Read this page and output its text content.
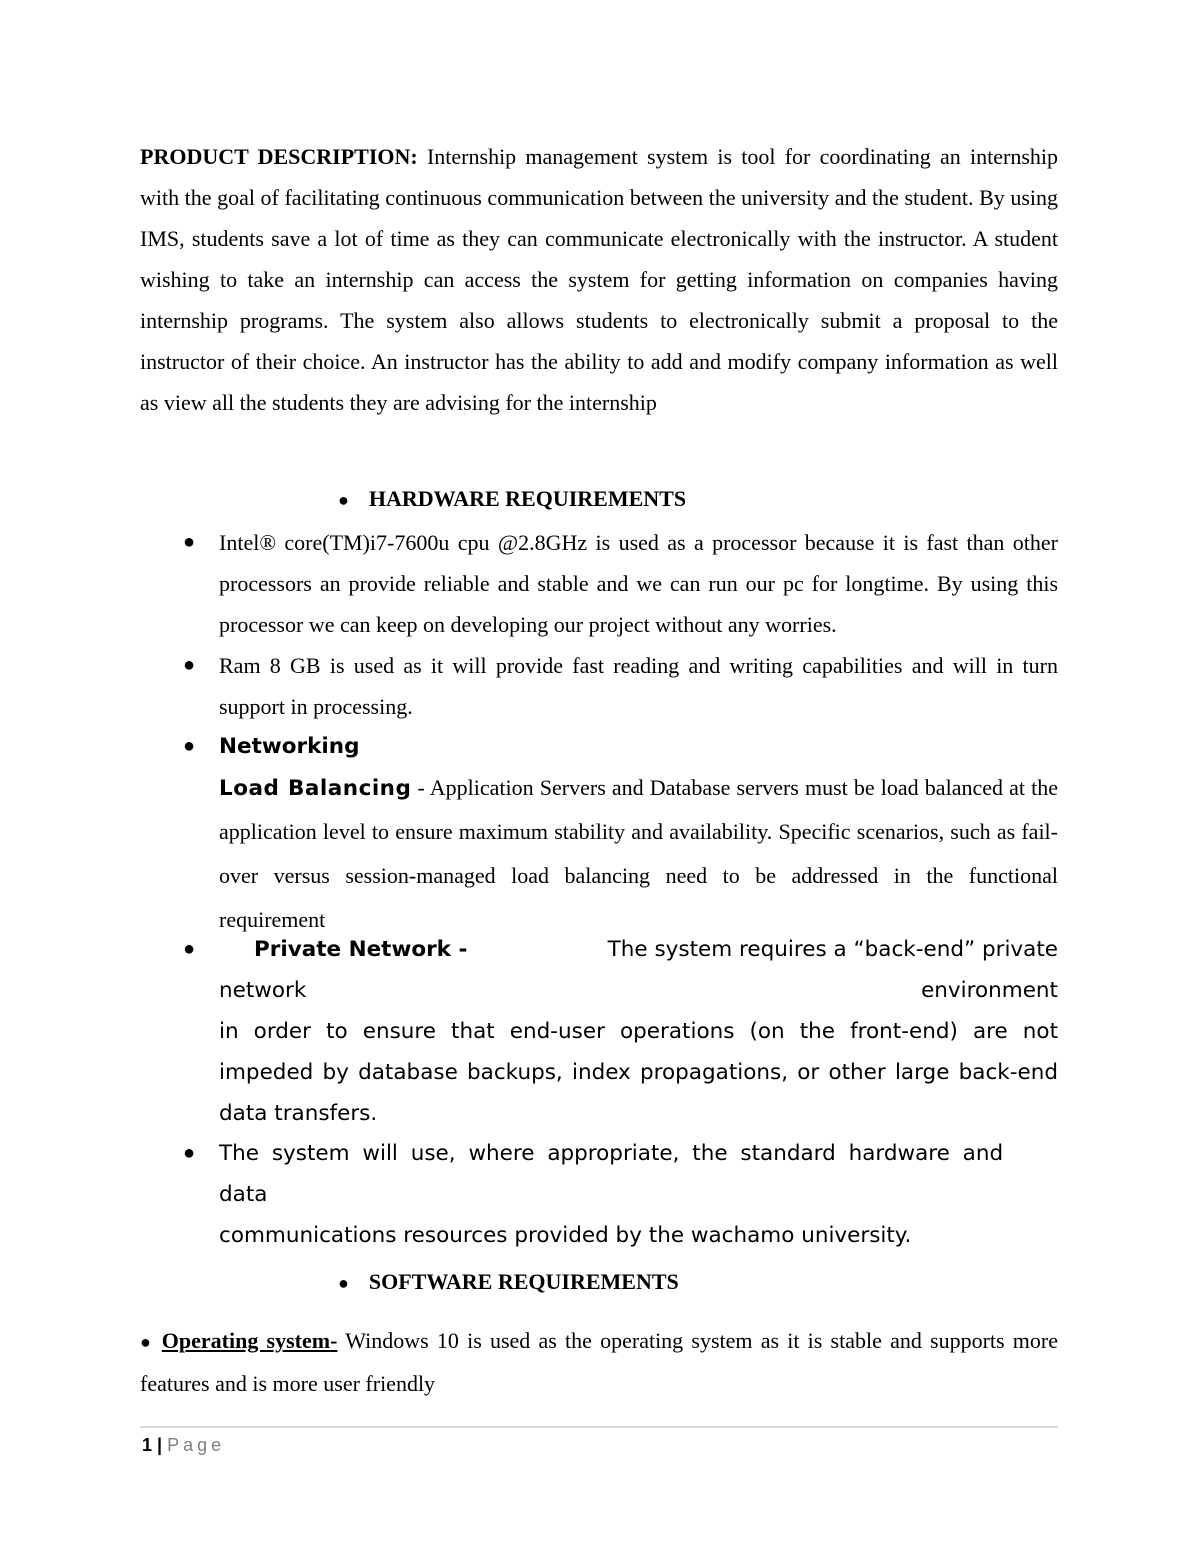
PRODUCT DESCRIPTION: Internship management system is tool for coordinating an internship with the goal of facilitating continuous communication between the university and the student. By using IMS, students save a lot of time as they can communicate electronically with the instructor. A student wishing to take an internship can access the system for getting information on companies having internship programs. The system also allows students to electronically submit a proposal to the instructor of their choice. An instructor has the ability to add and modify company information as well as view all the students they are advising for the internship
● HARDWARE REQUIREMENTS
● Intel® core(TM)i7-7600u cpu @2.8GHz is used as a processor because it is fast than other processors an provide reliable and stable and we can run our pc for longtime. By using this processor we can keep on developing our project without any worries.
● Ram 8 GB is used as it will provide fast reading and writing capabilities and will in turn support in processing.
● Networking
Load Balancing - Application Servers and Database servers must be load balanced at the application level to ensure maximum stability and availability. Specific scenarios, such as fail-over versus session-managed load balancing need to be addressed in the functional requirement
●	Private Network -	The system requires a “back-end” private
network	environment
in order to ensure that end-user operations (on the front-end) are not impeded by database backups, index propagations, or other large back-end data transfers.
● The system will use, where appropriate, the standard hardware and
data
communications resources provided by the wachamo university.
● SOFTWARE REQUIREMENTS
● Operating system- Windows 10 is used as the operating system as it is stable and supports more features and is more user friendly
1 | Page
